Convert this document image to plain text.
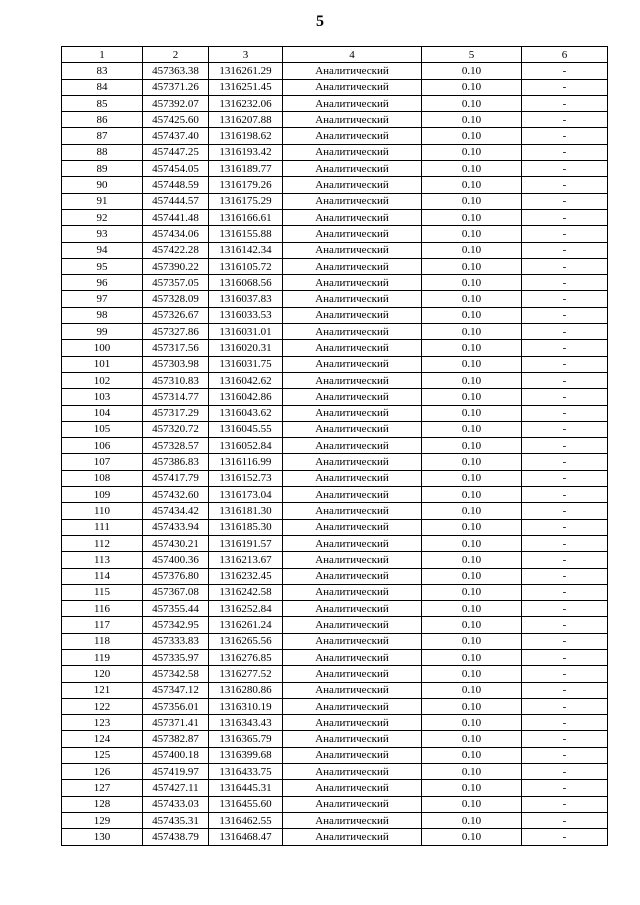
5
1	2	3	4	5	6
83	457363.38	1316261.29	Аналитический	0.10	-
84	457371.26	1316251.45	Аналитический	0.10	-
85	457392.07	1316232.06	Аналитический	0.10	-
86	457425.60	1316207.88	Аналитический	0.10	-
87	457437.40	1316198.62	Аналитический	0.10	-
88	457447.25	1316193.42	Аналитический	0.10	-
89	457454.05	1316189.77	Аналитический	0.10	-
90	457448.59	1316179.26	Аналитический	0.10	-
91	457444.57	1316175.29	Аналитический	0.10	-
92	457441.48	1316166.61	Аналитический	0.10	-
93	457434.06	1316155.88	Аналитический	0.10	-
94	457422.28	1316142.34	Аналитический	0.10	-
95	457390.22	1316105.72	Аналитический	0.10	-
96	457357.05	1316068.56	Аналитический	0.10	-
97	457328.09	1316037.83	Аналитический	0.10	-
98	457326.67	1316033.53	Аналитический	0.10	-
99	457327.86	1316031.01	Аналитический	0.10	-
100	457317.56	1316020.31	Аналитический	0.10	-
101	457303.98	1316031.75	Аналитический	0.10	-
102	457310.83	1316042.62	Аналитический	0.10	-
103	457314.77	1316042.86	Аналитический	0.10	-
104	457317.29	1316043.62	Аналитический	0.10	-
105	457320.72	1316045.55	Аналитический	0.10	-
106	457328.57	1316052.84	Аналитический	0.10	-
107	457386.83	1316116.99	Аналитический	0.10	-
108	457417.79	1316152.73	Аналитический	0.10	-
109	457432.60	1316173.04	Аналитический	0.10	-
110	457434.42	1316181.30	Аналитический	0.10	-
111	457433.94	1316185.30	Аналитический	0.10	-
112	457430.21	1316191.57	Аналитический	0.10	-
113	457400.36	1316213.67	Аналитический	0.10	-
114	457376.80	1316232.45	Аналитический	0.10	-
115	457367.08	1316242.58	Аналитический	0.10	-
116	457355.44	1316252.84	Аналитический	0.10	-
117	457342.95	1316261.24	Аналитический	0.10	-
118	457333.83	1316265.56	Аналитический	0.10	-
119	457335.97	1316276.85	Аналитический	0.10	-
120	457342.58	1316277.52	Аналитический	0.10	-
121	457347.12	1316280.86	Аналитический	0.10	-
122	457356.01	1316310.19	Аналитический	0.10	-
123	457371.41	1316343.43	Аналитический	0.10	-
124	457382.87	1316365.79	Аналитический	0.10	-
125	457400.18	1316399.68	Аналитический	0.10	-
126	457419.97	1316433.75	Аналитический	0.10	-
127	457427.11	1316445.31	Аналитический	0.10	-
128	457433.03	1316455.60	Аналитический	0.10	-
129	457435.31	1316462.55	Аналитический	0.10	-
130	457438.79	1316468.47	Аналитический	0.10	-
